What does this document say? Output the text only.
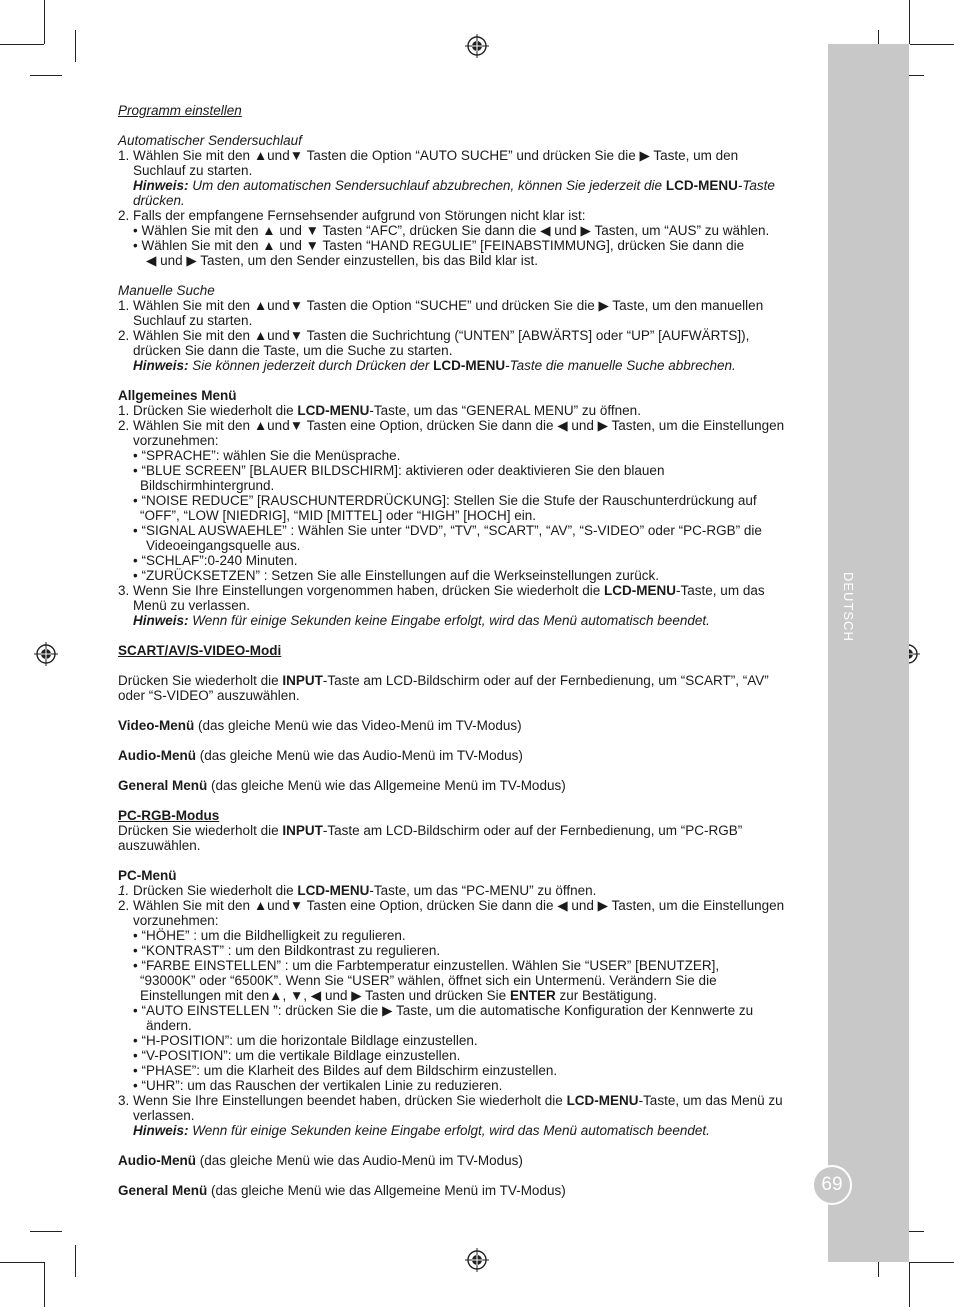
DEUTSCH
69
Programm einstellen
Automatischer Sendersuchlauf
1. Wählen Sie mit den ▲und▼ Tasten die Option “AUTO SUCHE” und drücken Sie die ▶ Taste, um den
Suchlauf zu starten.
Hinweis: Um den automatischen Sendersuchlauf abzubrechen, können Sie jederzeit die LCD-MENU-Taste
drücken.
2. Falls der empfangene Fernsehsender aufgrund von Störungen nicht klar ist:
• Wählen Sie mit den ▲ und ▼ Tasten “AFC”, drücken Sie dann die ◀ und ▶ Tasten, um “AUS” zu wählen.
• Wählen Sie mit den ▲ und ▼ Tasten “HAND REGULIE” [FEINABSTIMMUNG], drücken Sie dann die
◀ und ▶ Tasten, um den Sender einzustellen, bis das Bild klar ist.
Manuelle Suche
1. Wählen Sie mit den ▲und▼ Tasten die Option “SUCHE” und drücken Sie die ▶ Taste, um den manuellen
Suchlauf zu starten.
2. Wählen Sie mit den ▲und▼ Tasten die Suchrichtung (“UNTEN” [ABWÄRTS] oder “UP” [AUFWÄRTS]),
drücken Sie dann die Taste, um die Suche zu starten.
Hinweis: Sie können jederzeit durch Drücken der LCD-MENU-Taste die manuelle Suche abbrechen.
Allgemeines Menü
1. Drücken Sie wiederholt die LCD-MENU-Taste, um das “GENERAL MENU” zu öffnen.
2. Wählen Sie mit den ▲und▼ Tasten eine Option, drücken Sie dann die ◀ und ▶ Tasten, um die Einstellungen
vorzunehmen:
• “SPRACHE”: wählen Sie die Menüsprache.
• “BLUE SCREEN” [BLAUER BILDSCHIRM]: aktivieren oder deaktivieren Sie den blauen
Bildschirmhintergrund.
• “NOISE REDUCE” [RAUSCHUNTERDRÜCKUNG]: Stellen Sie die Stufe der Rauschunterdrückung auf
“OFF”, “LOW [NIEDRIG], “MID [MITTEL] oder “HIGH” [HOCH] ein.
• “SIGNAL AUSWAEHLE” : Wählen Sie unter “DVD”, “TV”, “SCART”, “AV”, “S-VIDEO” oder “PC-RGB” die
Videoeingangsquelle aus.
• “SCHLAF”:0-240 Minuten.
• “ZURÜCKSETZEN” : Setzen Sie alle Einstellungen auf die Werkseinstellungen zurück.
3. Wenn Sie Ihre Einstellungen vorgenommen haben, drücken Sie wiederholt die LCD-MENU-Taste, um das
Menü zu verlassen.
Hinweis: Wenn für einige Sekunden keine Eingabe erfolgt, wird das Menü automatisch beendet.
SCART/AV/S-VIDEO-Modi
Drücken Sie wiederholt die INPUT-Taste am LCD-Bildschirm oder auf der Fernbedienung, um “SCART”, “AV”
oder “S-VIDEO” auszuwählen.
Video-Menü (das gleiche Menü wie das Video-Menü im TV-Modus)
Audio-Menü (das gleiche Menü wie das Audio-Menü im TV-Modus)
General Menü (das gleiche Menü wie das Allgemeine Menü im TV-Modus)
PC-RGB-Modus
Drücken Sie wiederholt die INPUT-Taste am LCD-Bildschirm oder auf der Fernbedienung, um “PC-RGB”
auszuwählen.
PC-Menü
1. Drücken Sie wiederholt die LCD-MENU-Taste, um das “PC-MENU” zu öffnen.
2. Wählen Sie mit den ▲und▼ Tasten eine Option, drücken Sie dann die ◀ und ▶ Tasten, um die Einstellungen
vorzunehmen:
• “HÖHE” : um die Bildhelligkeit zu regulieren.
• “KONTRAST” : um den Bildkontrast zu regulieren.
• “FARBE EINSTELLEN” : um die Farbtemperatur einzustellen. Wählen Sie “USER” [BENUTZER],
“93000K” oder “6500K”. Wenn Sie “USER” wählen, öffnet sich ein Untermenü. Verändern Sie die
Einstellungen mit den▲, ▼, ◀ und ▶ Tasten und drücken Sie ENTER zur Bestätigung.
• “AUTO EINSTELLEN ”: drücken Sie die ▶ Taste, um die automatische Konfiguration der Kennwerte zu
ändern.
• “H-POSITION”: um die horizontale Bildlage einzustellen.
• “V-POSITION”: um die vertikale Bildlage einzustellen.
• “PHASE”: um die Klarheit des Bildes auf dem Bildschirm einzustellen.
• “UHR”: um das Rauschen der vertikalen Linie zu reduzieren.
3. Wenn Sie Ihre Einstellungen beendet haben, drücken Sie wiederholt die LCD-MENU-Taste, um das Menü zu
verlassen.
Hinweis: Wenn für einige Sekunden keine Eingabe erfolgt, wird das Menü automatisch beendet.
Audio-Menü (das gleiche Menü wie das Audio-Menü im TV-Modus)
General Menü (das gleiche Menü wie das Allgemeine Menü im TV-Modus)
